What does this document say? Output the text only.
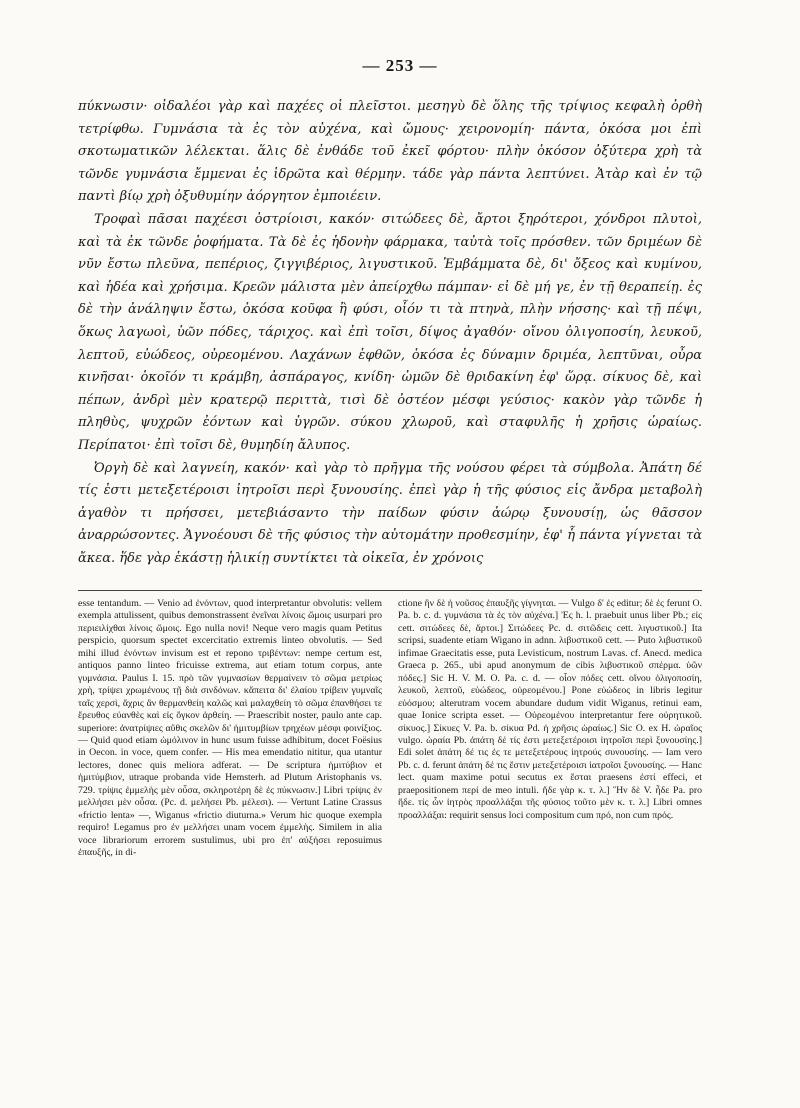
— 253 —

πύκνωσιν· οἰδαλέοι γὰρ καὶ παχέες οἱ πλεῖστοι. μεσηγὺ δὲ ὅλης τῆς τρίψιος κεφαλὴ ὀρθὴ τετρίφθω. Γυμνάσια τὰ ἐς τὸν αὐχένα, καὶ ὤμους· χειρονομίη· πάντα, ὁκόσα μοι ἐπὶ σκοτωματικῶν λέλεκται. ἅλις δὲ ἐνθάδε τοῦ ἐκεῖ φόρτου· πλὴν ὁκόσον ὀξύτερα χρὴ τὰ τῶνδε γυμνάσια ἔμμεναι ἐς ἱδρῶτα καὶ θέρμην. τάδε γὰρ πάντα λεπτύνει. Ἀτὰρ καὶ ἐν τῷ παντὶ βίῳ χρὴ ὀξυθυμίην ἀόργητον ἐμποιέειν.

Τροφαὶ πᾶσαι παχέεσι ὀστρίοισι, κακόν· σιτώδεες δὲ, ἄρτοι ξηρότεροι, χόνδροι πλυτοὶ, καὶ τὰ ἐκ τῶνδε ῥοφήματα. Τὰ δὲ ἐς ἡδονὴν φάρμακα, ταὐτὰ τοῖς πρόσθεν. τῶν δριμέων δὲ νῦν ἔστω πλεῦνα, πεπέριος, ζιγγιβέριος, λιγυστικοῦ. Ἐμβάμματα δὲ, δι' ὄξεος καὶ κυμίνου, καὶ ἡδέα καὶ χρήσιμα. Κρεῶν μάλιστα μὲν ἀπείρχθω πάμπαν· εἰ δὲ μή γε, ἐν τῇ θεραπείῃ. ἐς δὲ τὴν ἀνάληψιν ἔστω, ὁκόσα κοῦφα ἢ φύσι, οἷόν τι τὰ πτηνὰ, πλὴν νήσσης· καὶ τῇ πέψι, ὅκως λαγωοὶ, ὑῶν πόδες, τάριχος. καὶ ἐπὶ τοῖσι, δίψος ἀγαθόν· οἴνου ὀλιγοποσίη, λευκοῦ, λεπτοῦ, εὐώδεος, οὐρεομένου. Λαχάνων ἑφθῶν, ὁκόσα ἐς δύναμιν δριμέα, λεπτῦναι, οὖρα κινῆσαι· ὁκοῖόν τι κράμβη, ἀσπάραγος, κνίδη· ὠμῶν δὲ θριδακίνη ἐφ' ὥρᾳ. σίκυος δὲ, καὶ πέπων, ἀνδρὶ μὲν κρατερῷ περιττὰ, τισὶ δὲ ὀστέον μέσφι γεύσιος· κακὸν γὰρ τῶνδε ἡ πληθὺς, ψυχρῶν ἐόντων καὶ ὑγρῶν. σύκου χλωροῦ, καὶ σταφυλῆς ἡ χρῆσις ὡραίως. Περίπατοι· ἐπὶ τοῖσι δὲ, θυμηδίη ἄλυπος.

Ὀργὴ δὲ καὶ λαγνείη, κακόν· καὶ γὰρ τὸ πρῆγμα τῆς νούσου φέρει τὰ σύμβολα. Ἀπάτη δέ τίς ἐστι μετεξετέροισι ἰητροῖσι περὶ ξυνουσίης. ἐπεὶ γὰρ ἡ τῆς φύσιος εἰς ἄνδρα μεταβολὴ ἀγαθὸν τι πρήσσει, μετεβιάσαντο τὴν παίδων φύσιν ἀώρῳ ξυνουσίῃ, ὡς θᾶσσον ἀναρρώσοντες. Ἀγνοέουσι δὲ τῆς φύσιος τὴν αὐτομάτην προθεσμίην, ἐφ' ἧ πάντα γίγνεται τὰ ἄκεα. ἥδε γὰρ ἑκάστῃ ἡλικίῃ συντίκτει τὰ οἰκεῖα, ἐν χρόνοις

esse tentandum. — Venio ad ἐνόντων, quod interpretantur obvolutis: vellem exempla attulissent, quibus demonstrassent ἐνεῖναι λίνοις ὤμοις usurpari pro περιειλίχθαι λίνοις ὤμοις. Ego nulla novi! Neque vero magis quam Petitus perspicio, quorsum spectet excercitatio extremis linteo obvolutis. — Sed mihi illud ἐνόντων invisum est et repono τριβέντων: nempe certum est, antiquos panno linteo fricuisse extrema, aut etiam totum corpus, ante γυμνάσια. Paulus I. 15. πρὸ τῶν γυμνασίων θερμαίνειν τὸ σῶμα μετρίως χρὴ, τρίψει χρωμένους τῇ διὰ σινδόνων. κἄπειτα δι' ἐλαίου τρίβειν γυμναῖς ταῖς χερσὶ, ἄχρις ἂν θερμανθείη καλῶς καὶ μαλαχθείη τὸ σῶμα ἐπανθήσει τε ἔρευθος εὐανθὲς καὶ εἰς ὄγκον ἀρθείη. — Praescribit noster, paulo ante cap. superiore: ἀνατρίψιες αὔθις σκελῶν δι' ἡμιτυμβίων τρηχέων μέσφι φοινίξιος. — Quid quod etiam ὠμόλινον in hunc usum fuisse adhibitum, docet Foësius in Oecon. in voce, quem confer. — His mea emendatio nititur, qua utantur lectores, donec quis meliora adferat. — De scriptura ἡμιτύβιον et ἡμιτύμβιον, utraque probanda vide Hemsterh. ad Plutum Aristophanis vs. 729. τρίψις ἐμμελὴς μὲν οὖσα, σκληροτέρη δὲ ἐς πύκνωσιν.] Libri τρίψις ἐν μελλήσει μὲν οὖσα. (Pc. d. μελήσει Pb. μέλεσι). — Vertunt Latine Crassus «frictio lenta» —, Wiganus «frictio diuturna.» Verum hic quoque exempla requiro! Legamus pro ἐν μελλήσει unam vocem ἐμμελὴς. Similem in alia voce librariorum errorem sustulimus, ubi pro ἐπ' αὐξήσει reposuimus ἐπαυξῆς, in di-

ctione ἢν δὲ ἡ νοῦσος ἐπαυξῆς γίγνηται. — Vulgo δ' ἐς editur; δὲ ἐς ferunt O. Pa. b. c. d. γυμνάσια τὰ ἐς τὸν αὐχένα.] Ἐς h. l. praebuit unus liber Pb.; εἰς cett. σιτώδεες δὲ, ἄρτοι.] Σιτώδεες Pc. d. σιτῶδεις cett. λιγυστικοῦ.] Ita scripsi, suadente etiam Wigano in adnn. λιβυστικοῦ cett. — Puto λιβυστικοῦ infimae Graecitatis esse, puta Levisticum, nostrum Lavas. cf. Anecd. medica Graeca p. 265., ubi apud anonymum de cibis λιβυστικοῦ σπέρμα. ὑῶν πόδες.] Sic H. V. M. O. Pa. c. d. — οἷον πόδες cett. οἴνου ὀλιγοποσίη, λευκοῦ, λεπτοῦ, εὐώδεος, οὐρεομένου.] Pone εὐώδεος in libris legitur εὐόσμου; alterutram vocem abundare dudum vidit Wiganus, retinui eam, quae Ionice scripta esset. — Οὐρεομένου interpretantur fere οὐρητικοῦ. σίκυος.] Σίκυες V. Pa. b. σίκυα Pd. ἡ χρῆσις ὡραίως.] Sic O. ex H. ὡραῖος vulgo. ὡραία Pb. ἀπάτη δέ τίς ἐστι μετεξετέροισι ἰητροῖσι περὶ ξυνουσίης.] Edi solet ἀπάτη δέ τις ἐς τε μετεξετέρους ἰητρούς συνουσίης. — Iam vero Pb. c. d. ferunt ἀπάτη δέ τις ἔστιν μετεξετέροισι ἰατροῖσι ξυνουσίης. — Hanc lect. quam maxime potui secutus ex ἔσται praesens ἐστί effeci, et praepositionem περί de meo intuli. ἥδε γὰρ κ. τ. λ.] Ἣν δὲ V. ἦδε Pa. pro ἥδε. τίς ὧν ἰητρὸς προαλλάξαι τῆς φύσιος τοῦτο μὲν κ. τ. λ.] Libri omnes προαλλάξαι: requirit sensus loci compositum cum πρό, non cum πρός.
